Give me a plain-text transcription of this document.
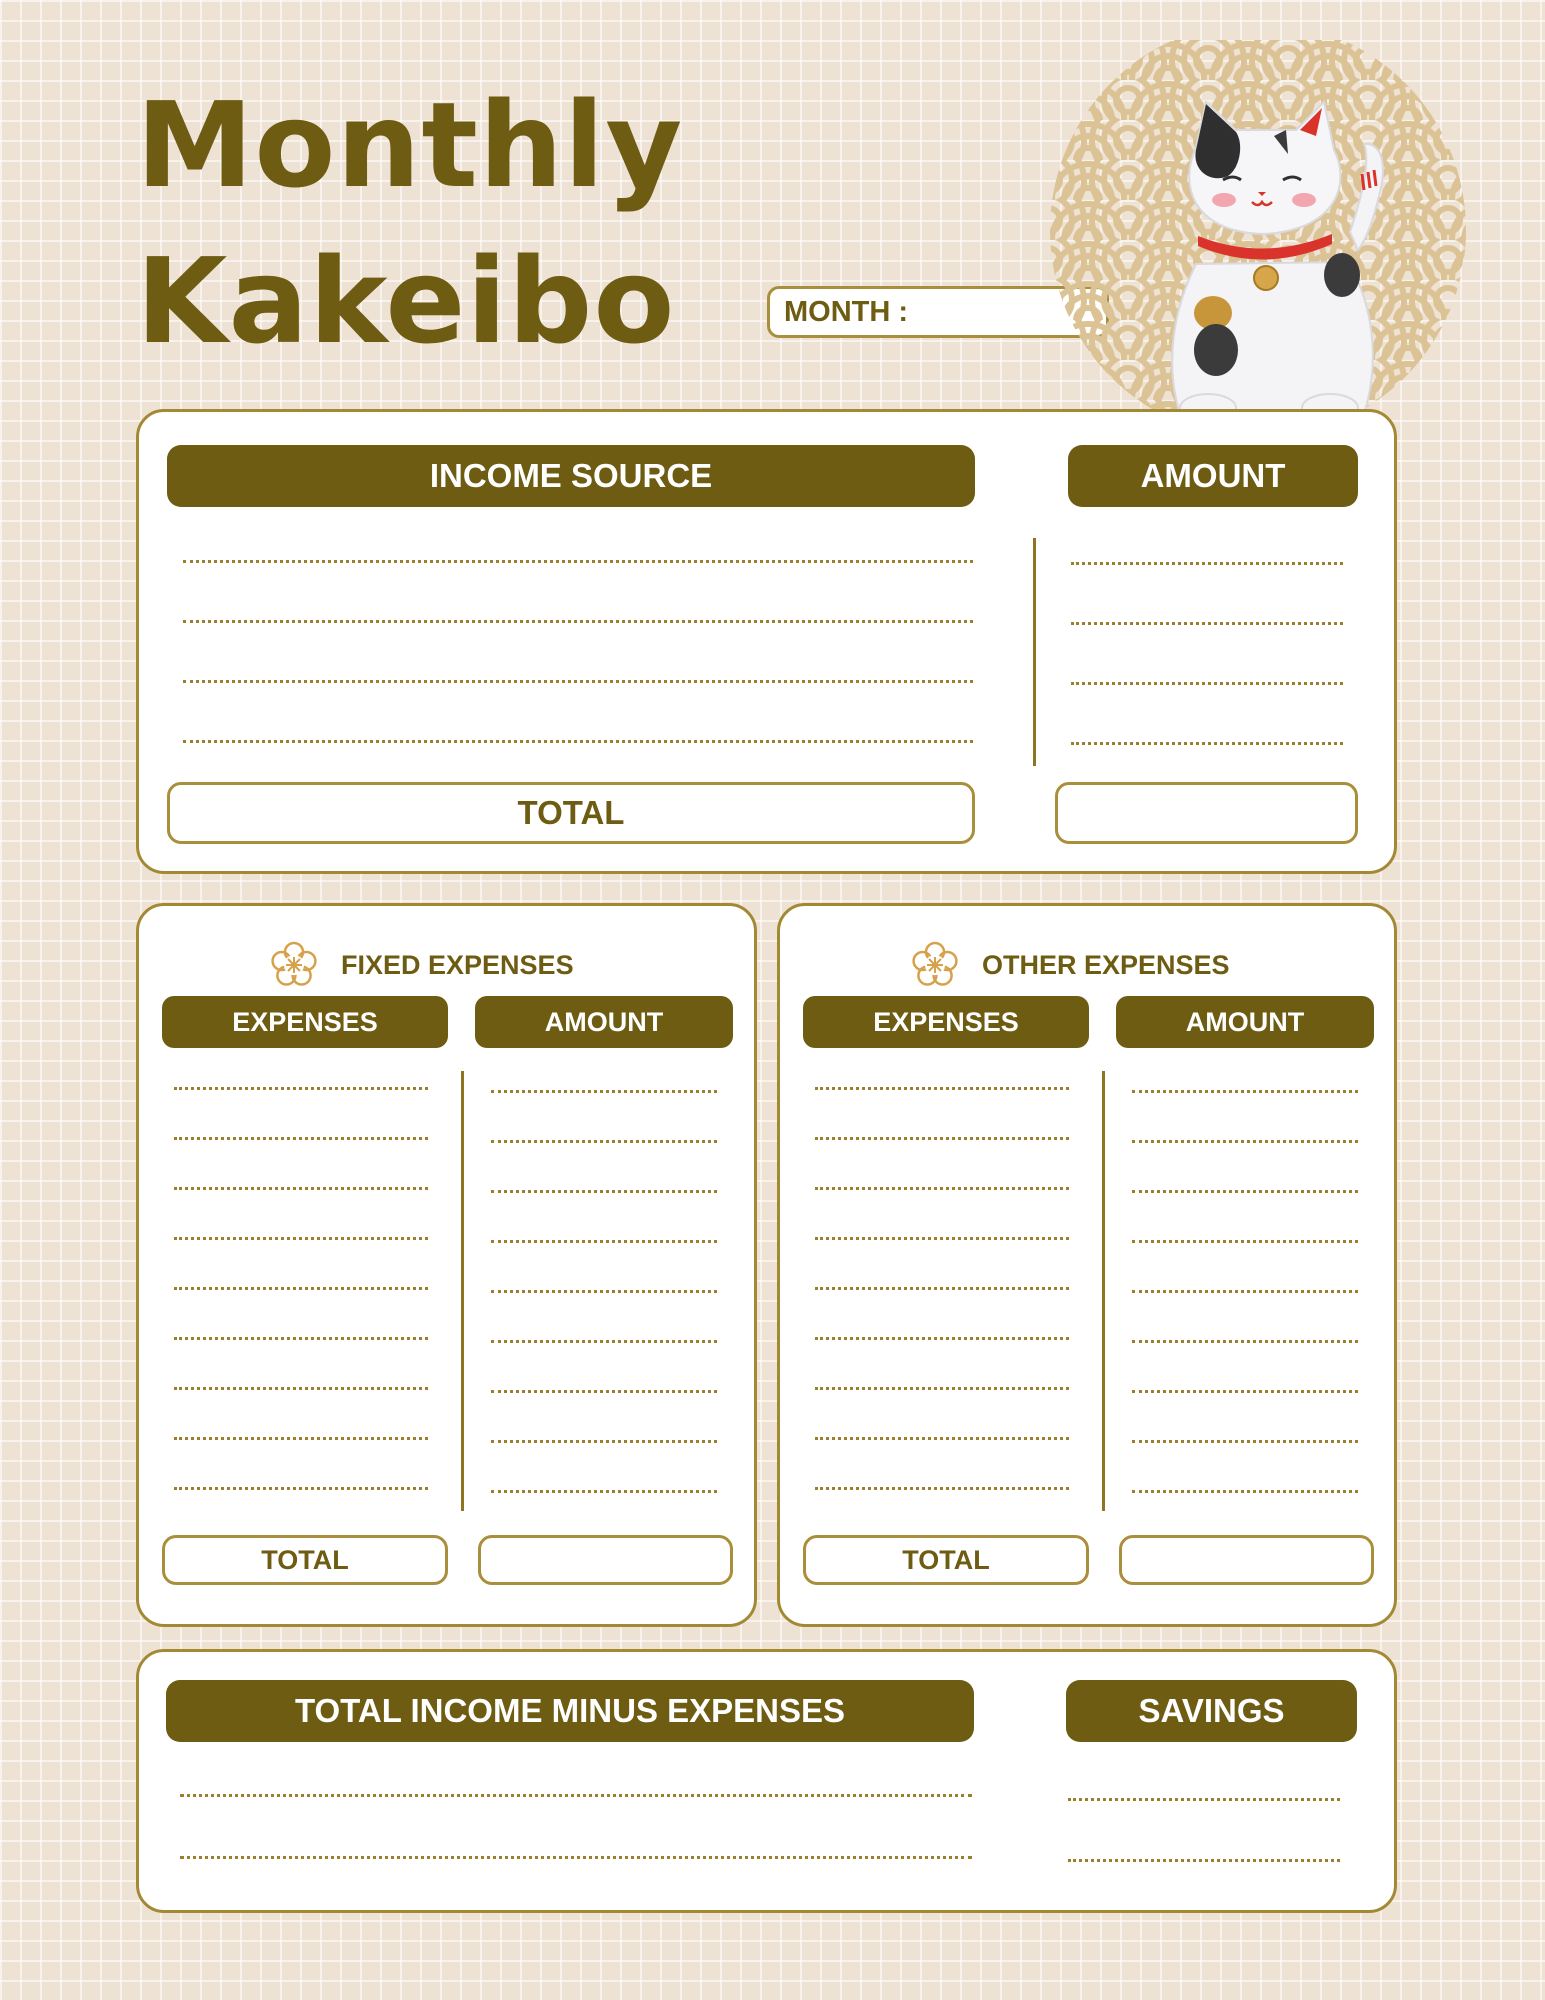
Monthly
Kakeibo	MONTH :
INCOME SOURCE	AMOUNT
TOTAL
FIXED EXPENSES
EXPENSES	AMOUNT
TOTAL
OTHER EXPENSES
EXPENSES	AMOUNT
TOTAL
TOTAL INCOME MINUS EXPENSES	SAVINGS
